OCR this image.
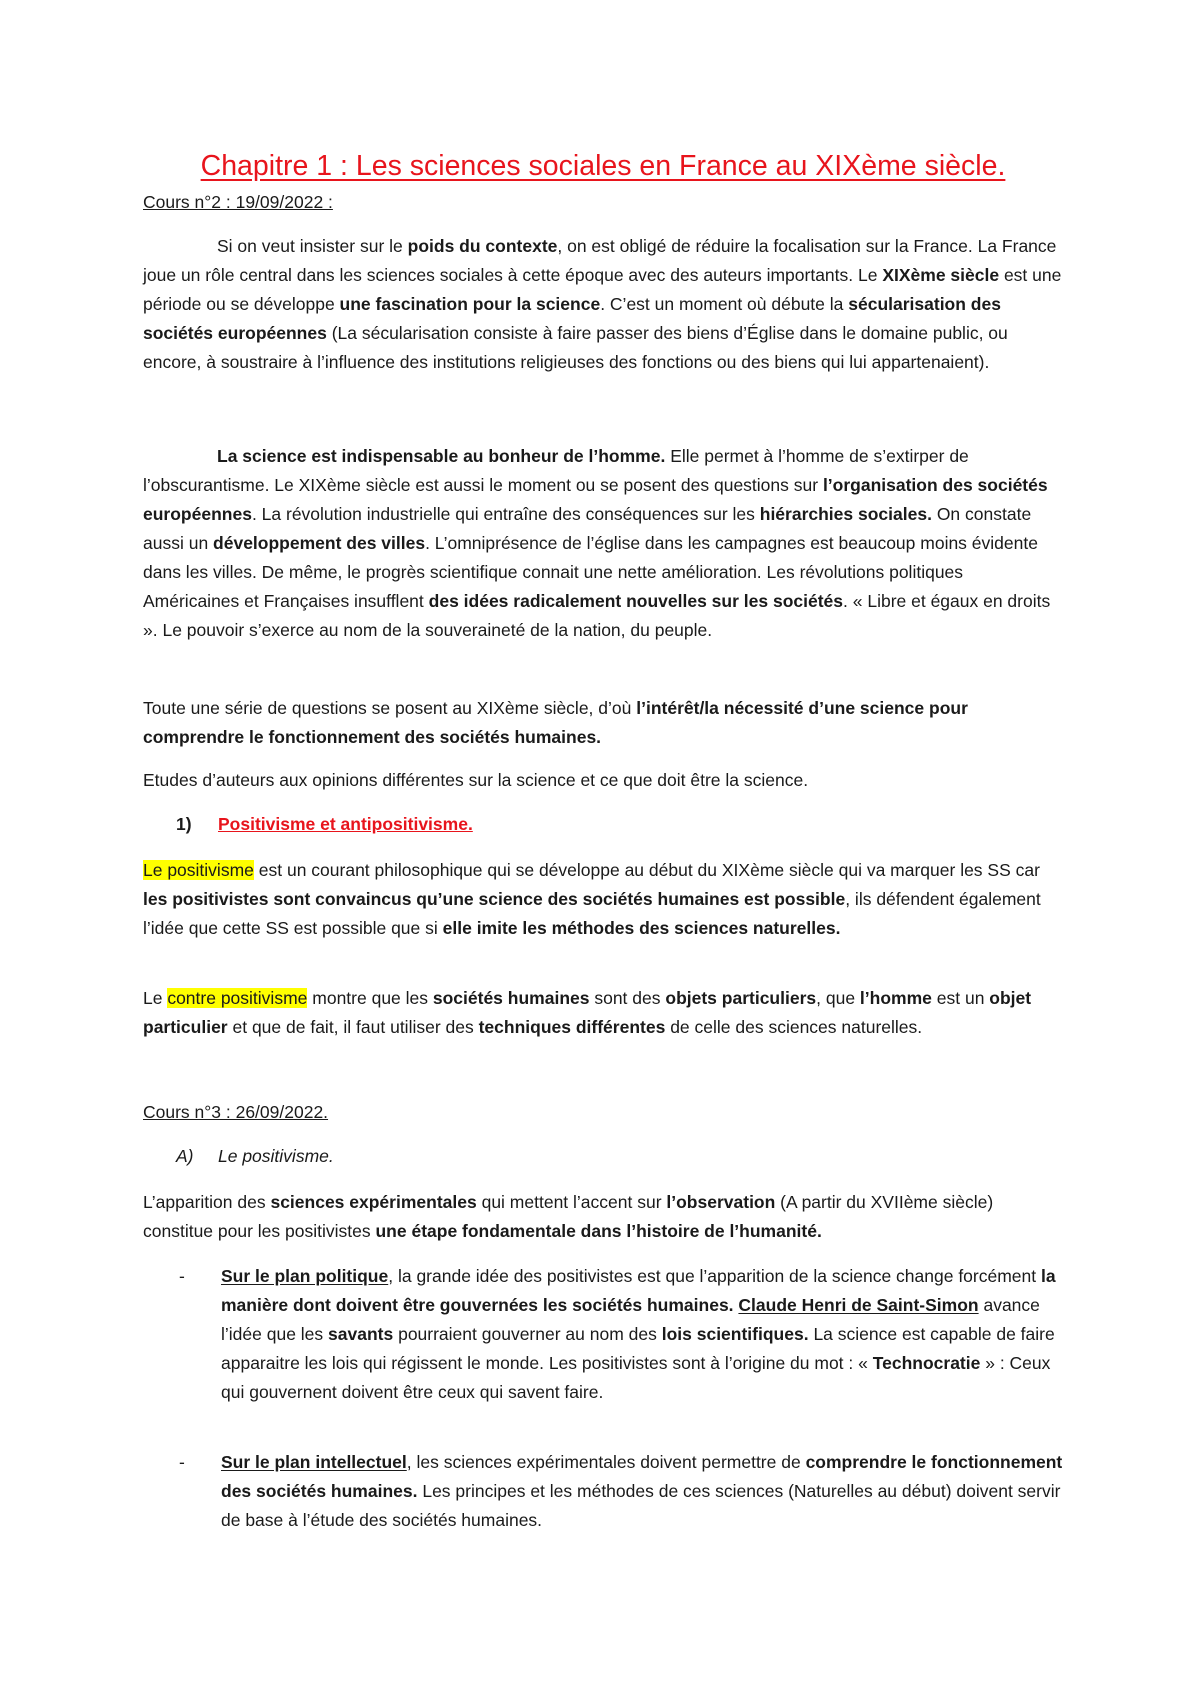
Chapitre 1 : Les sciences sociales en France au XIXème siècle.

Cours n°2 : 19/09/2022 :

Si on veut insister sur le poids du contexte, on est obligé de réduire la focalisation sur la France. La France joue un rôle central dans les sciences sociales à cette époque avec des auteurs importants. Le XIXème siècle est une période ou se développe une fascination pour la science. C’est un moment où débute la sécularisation des sociétés européennes (La sécularisation consiste à faire passer des biens d’Église dans le domaine public, ou encore, à soustraire à l’influence des institutions religieuses des fonctions ou des biens qui lui appartenaient).

La science est indispensable au bonheur de l’homme. Elle permet à l’homme de s’extirper de l’obscurantisme. Le XIXème siècle est aussi le moment ou se posent des questions sur l’organisation des sociétés européennes. La révolution industrielle qui entraîne des conséquences sur les hiérarchies sociales. On constate aussi un développement des villes. L’omniprésence de l’église dans les campagnes est beaucoup moins évidente dans les villes. De même, le progrès scientifique connait une nette amélioration. Les révolutions politiques Américaines et Françaises insufflent des idées radicalement nouvelles sur les sociétés. « Libre et égaux en droits ». Le pouvoir s’exerce au nom de la souveraineté de la nation, du peuple.

Toute une série de questions se posent au XIXème siècle, d’où l’intérêt/la nécessité d’une science pour comprendre le fonctionnement des sociétés humaines.

Etudes d’auteurs aux opinions différentes sur la science et ce que doit être la science.

1) Positivisme et antipositivisme.

Le positivisme est un courant philosophique qui se développe au début du XIXème siècle qui va marquer les SS car les positivistes sont convaincus qu’une science des sociétés humaines est possible, ils défendent également l’idée que cette SS est possible que si elle imite les méthodes des sciences naturelles.

Le contre positivisme montre que les sociétés humaines sont des objets particuliers, que l’homme est un objet particulier et que de fait, il faut utiliser des techniques différentes de celle des sciences naturelles.

Cours n°3 : 26/09/2022.

A) Le positivisme.

L’apparition des sciences expérimentales qui mettent l’accent sur l’observation (A partir du XVIIème siècle) constitue pour les positivistes une étape fondamentale dans l’histoire de l’humanité.

- Sur le plan politique, la grande idée des positivistes est que l’apparition de la science change forcément la manière dont doivent être gouvernées les sociétés humaines. Claude Henri de Saint-Simon avance l’idée que les savants pourraient gouverner au nom des lois scientifiques. La science est capable de faire apparaitre les lois qui régissent le monde. Les positivistes sont à l’origine du mot : « Technocratie » : Ceux qui gouvernent doivent être ceux qui savent faire.
- Sur le plan intellectuel, les sciences expérimentales doivent permettre de comprendre le fonctionnement des sociétés humaines. Les principes et les méthodes de ces sciences (Naturelles au début) doivent servir de base à l’étude des sociétés humaines.
